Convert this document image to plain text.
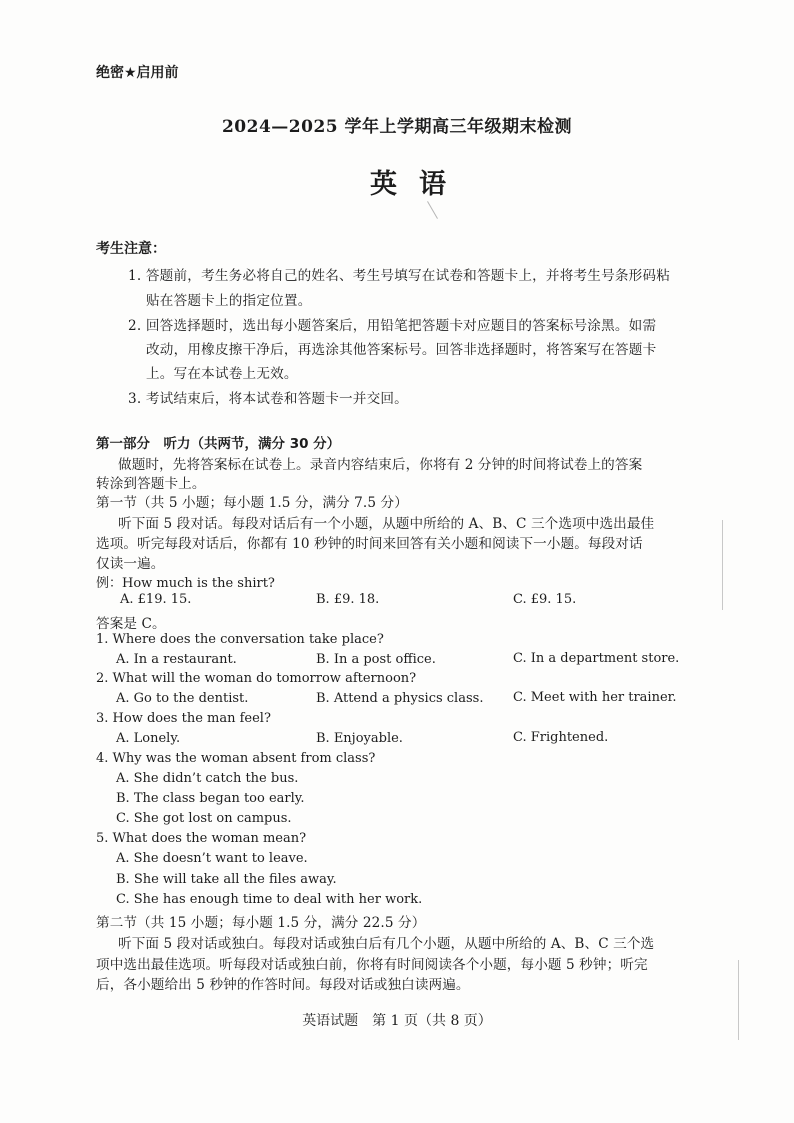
绝密★启用前
2024—2025 学年上学期高三年级期末检测
英语
考生注意：
1. 答题前，考生务必将自己的姓名、考生号填写在试卷和答题卡上，并将考生号条形码粘
贴在答题卡上的指定位置。
2. 回答选择题时，选出每小题答案后，用铅笔把答题卡对应题目的答案标号涂黑。如需
改动，用橡皮擦干净后，再选涂其他答案标号。回答非选择题时，将答案写在答题卡
上。写在本试卷上无效。
3. 考试结束后，将本试卷和答题卡一并交回。
第一部分　听力（共两节，满分 30 分）
做题时，先将答案标在试卷上。录音内容结束后，你将有 2 分钟的时间将试卷上的答案
转涂到答题卡上。
第一节（共 5 小题；每小题 1.5 分，满分 7.5 分）
听下面 5 段对话。每段对话后有一个小题，从题中所给的 A、B、C 三个选项中选出最佳
选项。听完每段对话后，你都有 10 秒钟的时间来回答有关小题和阅读下一小题。每段对话
仅读一遍。
例：How much is the shirt?
A. £19. 15.	B. £9. 18.	C. £9. 15.
答案是 C。
1. Where does the conversation take place?
A. In a restaurant.	B. In a post office.	C. In a department store.
2. What will the woman do tomorrow afternoon?
A. Go to the dentist.	B. Attend a physics class. C. Meet with her trainer.
3. How does the man feel?
A. Lonely.	B. Enjoyable.	C. Frightened.
4. Why was the woman absent from class?
A. She didn’t catch the bus.
B. The class began too early.
C. She got lost on campus.
5. What does the woman mean?
A. She doesn’t want to leave.
B. She will take all the files away.
C. She has enough time to deal with her work.
第二节（共 15 小题；每小题 1.5 分，满分 22.5 分）
听下面 5 段对话或独白。每段对话或独白后有几个小题，从题中所给的 A、B、C 三个选
项中选出最佳选项。听每段对话或独白前，你将有时间阅读各个小题，每小题 5 秒钟；听完
后，各小题给出 5 秒钟的作答时间。每段对话或独白读两遍。
英语试题　第 1 页（共 8 页）
